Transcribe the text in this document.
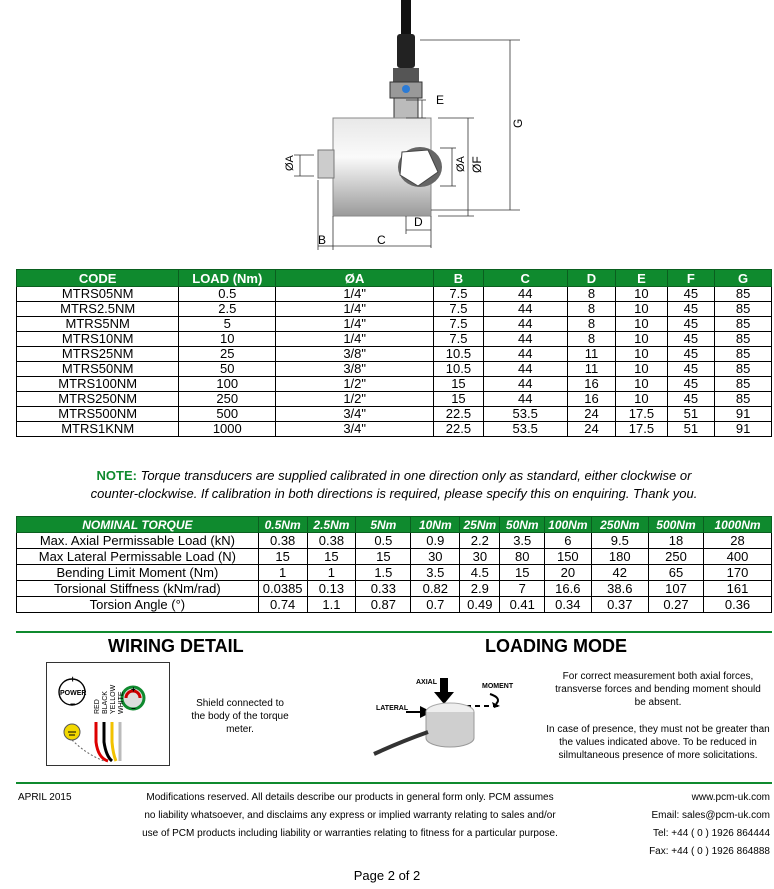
E
G
ØA ØF
ØA
D
B	C
CODE	LOAD (Nm)	ØA	B	C	D	E	F	G
MTRS05NM	0.5	1/4"	7.5	44	8	10	45	85
MTRS2.5NM	2.5	1/4"	7.5	44	8	10	45	85
MTRS5NM	5	1/4"	7.5	44	8	10	45	85
MTRS10NM	10	1/4"	7.5	44	8	10	45	85
MTRS25NM	25	3/8"	10.5	44	11	10	45	85
MTRS50NM	50	3/8"	10.5	44	11	10	45	85
MTRS100NM	100	1/2"	15	44	16	10	45	85
MTRS250NM	250	1/2"	15	44	16	10	45	85
MTRS500NM	500	3/4"	22.5	53.5	24	17.5	51	91
MTRS1KNM	1000	3/4"	22.5	53.5	24	17.5	51	91
NOTE: Torque transducers are supplied calibrated in one direction only as standard, either clockwise or
counter-clockwise. If calibration in both directions is required, please specify this on enquiring. Thank you.
NOMINAL TORQUE	0.5Nm	2.5Nm	5Nm	10Nm	25Nm	50Nm	100Nm	250Nm	500Nm	1000Nm
Max. Axial Permissable Load (kN)	0.38	0.38	0.5	0.9	2.2	3.5	6	9.5	18	28
Max Lateral Permissable Load (N)	15	15	15	30	30	80	150	180	250	400
Bending Limit Moment (Nm)	1	1	1.5	3.5	4.5	15	20	42	65	170
Torsional Stiffness (kNm/rad)	0.0385	0.13	0.33	0.82	2.9	7	16.6	38.6	107	161
Torsion Angle (°)	0.74	1.1	0.87	0.7	0.49	0.41	0.34	0.37	0.27	0.36
WIRING DETAIL	LOADING MODE
POWER
+
−
+
−
RED BLACK YELLOW WHITE	Shield connected to
the body of the torque
meter.
AXIAL
MOMENT
LATERAL
For correct measurement both axial forces,
transverse forces and bending moment should
be absent.
In case of presence, they must not be greater than
the values indicated above. To be reduced in
silmultaneous presence of more solicitations.
APRIL 2015	Modifications reserved. All details describe our products in general form only. PCM assumes
no liability whatsoever, and disclaims any express or implied warranty relating to sales and/or
use of PCM products including liability or warranties relating to fitness for a particular purpose.
www.pcm-uk.com
Email: sales@pcm-uk.com
Tel: +44 ( 0 ) 1926 864444
Fax: +44 ( 0 ) 1926 864888
Page 2 of 2
